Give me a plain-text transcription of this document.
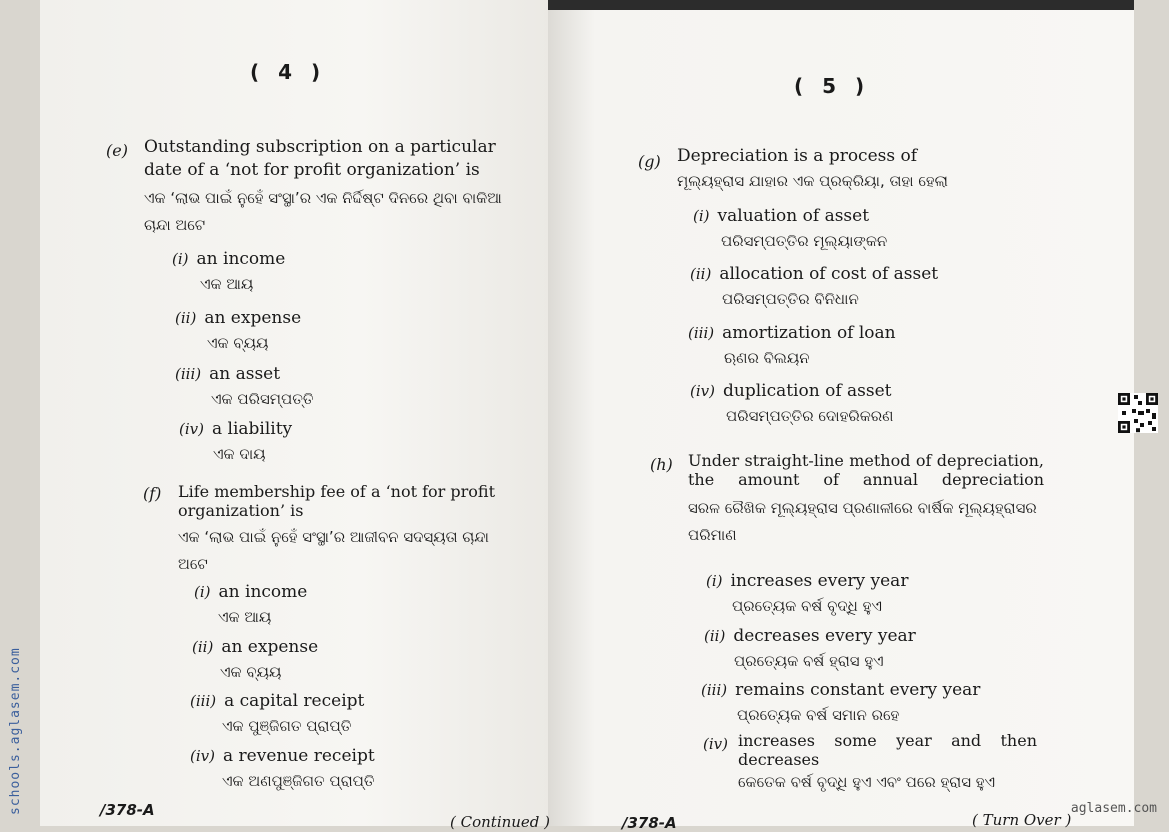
( 4 )
(e) Outstanding subscription on a particular date of a ‘not for profit organization’ is
ଏକ ‘ଲାଭ ପାଇଁ ନୁହେଁ ସଂସ୍ଥା’ର ଏକ ନିର୍ଦ୍ଦିଷ୍ଟ ଦିନରେ ଥିବା ବାକିଆ ଚାନ୍ଦା ଅଟେ
(i) an income
ଏକ ଆୟ
(ii) an expense
ଏକ ବ୍ୟୟ
(iii) an asset
ଏକ ପରିସମ୍ପତ୍ତି
(iv) a liability
ଏକ ଦାୟ
(f) Life membership fee of a ‘not for profit organization’ is
ଏକ ‘ଲାଭ ପାଇଁ ନୁହେଁ ସଂସ୍ଥା’ର ଆଜୀବନ ସଦସ୍ୟତା ଚାନ୍ଦା ଅଟେ
(i) an income
ଏକ ଆୟ
(ii) an expense
ଏକ ବ୍ୟୟ
(iii) a capital receipt
ଏକ ପୁଞ୍ଜିଗତ ପ୍ରାପ୍ତି
(iv) a revenue receipt
ଏକ ଅଣପୁଞ୍ଜିଗତ ପ୍ରାପ୍ତି
/378-A
( Continued )
( 5 )
(g) Depreciation is a process of
ମୂଲ୍ୟହ୍ରାସ ଯାହାର ଏକ ପ୍ରକ୍ରିୟା, ତାହା ହେଲା
(i) valuation of asset
ପରିସମ୍ପତ୍ତିର ମୂଲ୍ୟାଙ୍କନ
(ii) allocation of cost of asset
ପରିସମ୍ପତ୍ତିର ବିନିଧାନ
(iii) amortization of loan
ଋଣର ବିଲୟନ
(iv) duplication of asset
ପରିସମ୍ପତ୍ତିର ଦୋହରିକରଣ
(h) Under straight-line method of depreciation, the amount of annual depreciation
ସରଳ ରୈଖିକ ମୂଲ୍ୟହ୍ରାସ ପ୍ରଣାଳୀରେ ବାର୍ଷିକ ମୂଲ୍ୟହ୍ରାସର ପରିମାଣ
(i) increases every year
ପ୍ରତ୍ୟେକ ବର୍ଷ ବୃଦ୍ଧି ହୁଏ
(ii) decreases every year
ପ୍ରତ୍ୟେକ ବର୍ଷ ହ୍ରାସ ହୁଏ
(iii) remains constant every year
ପ୍ରତ୍ୟେକ ବର୍ଷ ସମାନ ରହେ
(iv) increases some year and then decreases
କେତେକ ବର୍ଷ ବୃଦ୍ଧି ହୁଏ ଏବଂ ପରେ ହ୍ରାସ ହୁଏ
/378-A	( Turn Over )
schools.aglasem.com	aglasem.com
